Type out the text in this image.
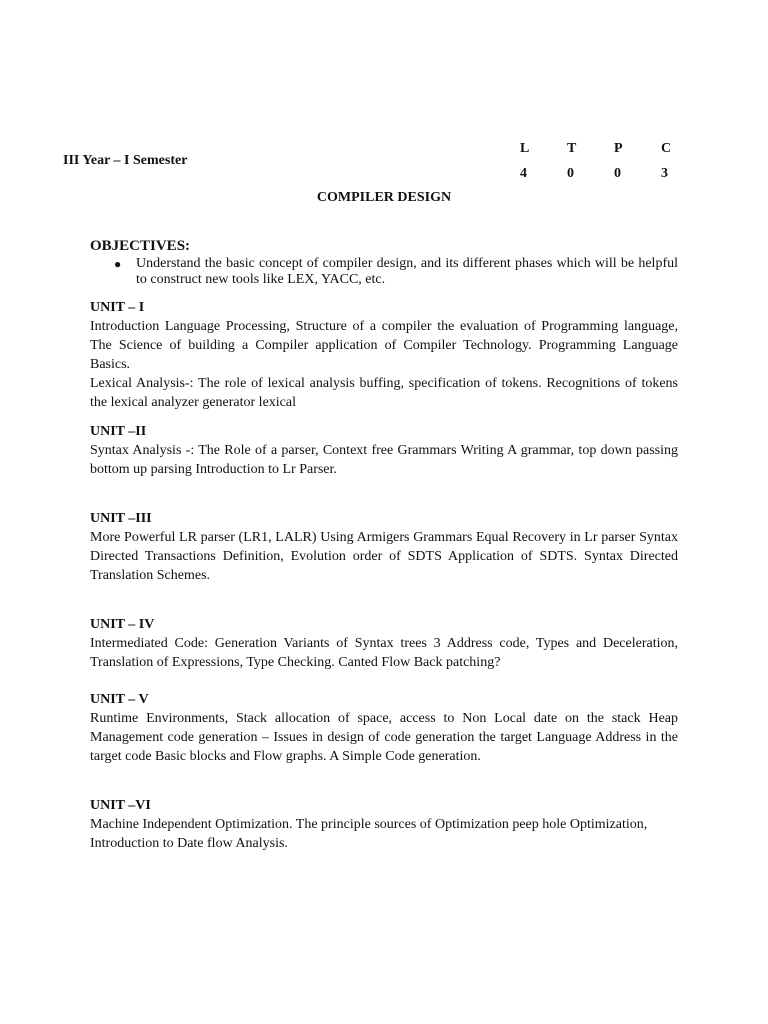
III Year – I Semester
L	T	P	C
4	0	0	3
COMPILER DESIGN
OBJECTIVES:
● Understand the basic concept of compiler design, and its different phases which will be helpful to construct new tools like LEX, YACC, etc.
UNIT – I

Introduction Language Processing, Structure of a compiler the evaluation of Programming language, The Science of building a Compiler application of Compiler Technology. Programming Language Basics.

Lexical Analysis-: The role of lexical analysis buffing, specification of tokens. Recognitions of tokens the lexical analyzer generator lexical

UNIT –II

Syntax Analysis -: The Role of a parser, Context free Grammars Writing A grammar, top down passing bottom up parsing Introduction to Lr Parser.

UNIT –III

More Powerful LR parser (LR1, LALR) Using Armigers Grammars Equal Recovery in Lr parser Syntax Directed Transactions Definition, Evolution order of SDTS Application of SDTS. Syntax Directed Translation Schemes.

UNIT – IV

Intermediated Code: Generation Variants of Syntax trees 3 Address code, Types and Deceleration, Translation of Expressions, Type Checking. Canted Flow Back patching?

UNIT – V

Runtime Environments, Stack allocation of space, access to Non Local date on the stack Heap Management code generation – Issues in design of code generation the target Language Address in the target code Basic blocks and Flow graphs. A Simple Code generation.

UNIT –VI

Machine Independent Optimization. The principle sources of Optimization peep hole Optimization, Introduction to Date flow Analysis.
